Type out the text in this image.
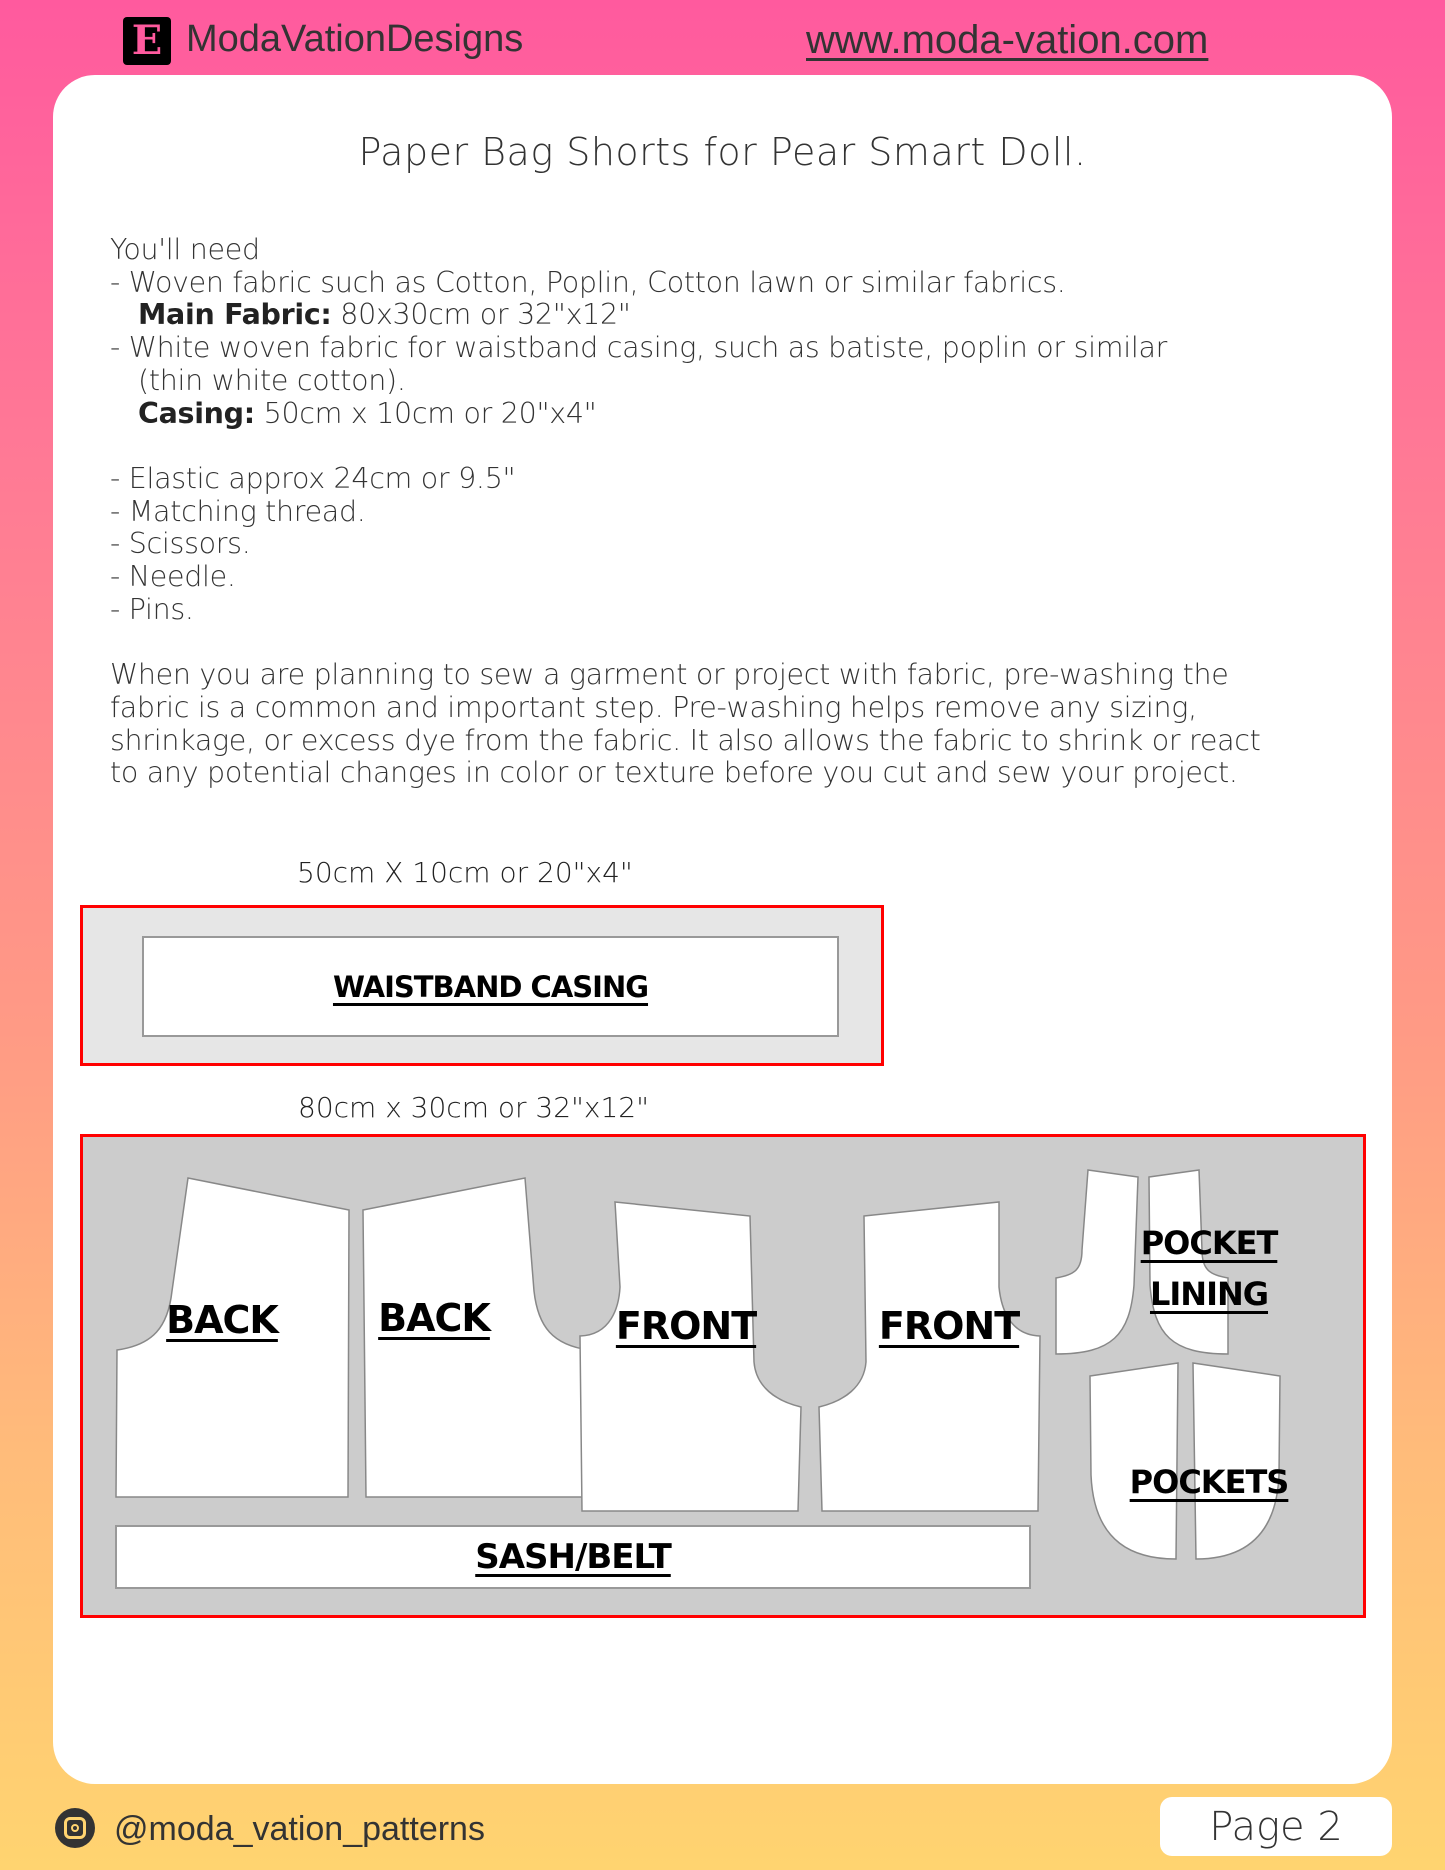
E ModaVationDesigns	www.moda-vation.com
Paper Bag Shorts for Pear Smart Doll.
You'll need
- Woven fabric such as Cotton, Poplin, Cotton lawn or similar fabrics.
Main Fabric: 80x30cm or 32"x12"
- White woven fabric for waistband casing, such as batiste, poplin or similar
(thin white cotton).
Casing: 50cm x 10cm or 20"x4"
- Elastic approx 24cm or 9.5"
- Matching thread.
- Scissors.
- Needle.
- Pins.
When you are planning to sew a garment or project with fabric, pre-washing the
fabric is a common and important step. Pre-washing helps remove any sizing,
shrinkage, or excess dye from the fabric. It also allows the fabric to shrink or react
to any potential changes in color or texture before you cut and sew your project.
50cm X 10cm or 20"x4"
WAISTBAND CASING
80cm x 30cm or 32"x12"
BACK	BACK	FRONT	FRONT
POCKET
LINING
POCKETS
SASH/BELT
@moda_vation_patterns	Page 2
